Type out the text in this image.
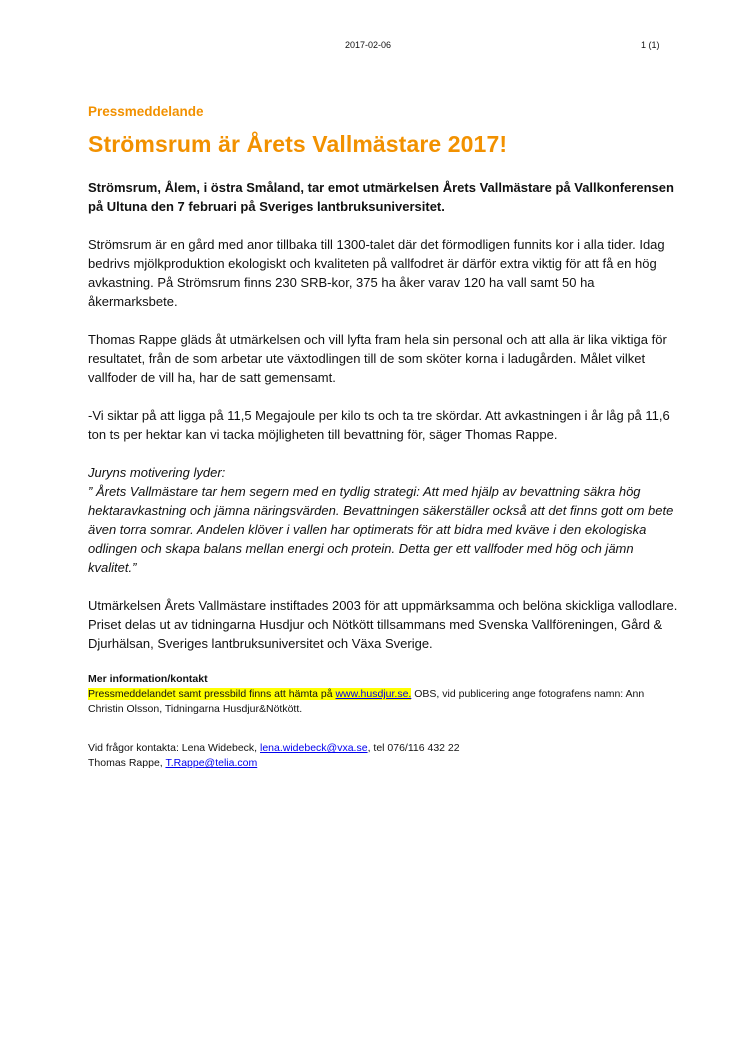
2017-02-06	1 (1)
Pressmeddelande
Strömsrum är Årets Vallmästare 2017!

Strömsrum, Ålem, i östra Småland, tar emot utmärkelsen Årets Vallmästare på Vallkonferensen på Ultuna den 7 februari på Sveriges lantbruksuniversitet.

Strömsrum är en gård med anor tillbaka till 1300-talet där det förmodligen funnits kor i alla tider. Idag bedrivs mjölkproduktion ekologiskt och kvaliteten på vallfodret är därför extra viktig för att få en hög avkastning. På Strömsrum finns 230 SRB-kor, 375 ha åker varav 120 ha vall samt 50 ha åkermarksbete.

Thomas Rappe gläds åt utmärkelsen och vill lyfta fram hela sin personal och att alla är lika viktiga för resultatet, från de som arbetar ute växtodlingen till de som sköter korna i ladugården. Målet vilket vallfoder de vill ha, har de satt gemensamt.

-Vi siktar på att ligga på 11,5 Megajoule per kilo ts och ta tre skördar. Att avkastningen i år låg på 11,6 ton ts per hektar kan vi tacka möjligheten till bevattning för, säger Thomas Rappe.

Juryns motivering lyder:

” Årets Vallmästare tar hem segern med en tydlig strategi: Att med hjälp av bevattning säkra hög hektaravkastning och jämna näringsvärden. Bevattningen säkerställer också att det finns gott om bete även torra somrar. Andelen klöver i vallen har optimerats för att bidra med kväve i den ekologiska odlingen och skapa balans mellan energi och protein. Detta ger ett vallfoder med hög och jämn kvalitet.”

Utmärkelsen Årets Vallmästare instiftades 2003 för att uppmärksamma och belöna skickliga vallodlare. Priset delas ut av tidningarna Husdjur och Nötkött tillsammans med Svenska Vallföreningen, Gård & Djurhälsan, Sveriges lantbruksuniversitet och Växa Sverige.

Mer information/kontakt

Pressmeddelandet samt pressbild finns att hämta på www.husdjur.se. OBS, vid publicering ange fotografens namn: Ann Christin Olsson, Tidningarna Husdjur&Nötkött.

Vid frågor kontakta: Lena Widebeck, lena.widebeck@vxa.se, tel 076/116 432 22

Thomas Rappe, T.Rappe@telia.com
